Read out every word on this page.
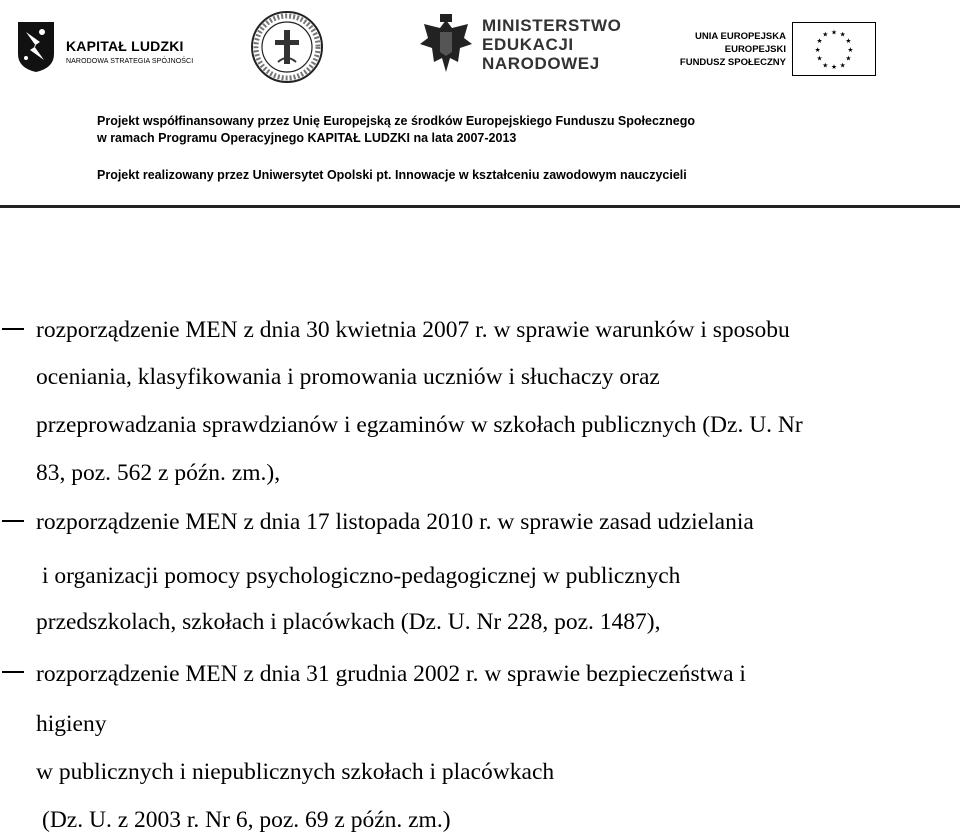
KAPITAŁ LUDZKI
NARODOWA STRATEGIA SPÓJNOŚCI
MINISTERSTWO
EDUKACJI
NARODOWEJ
UNIA EUROPEJSKA
EUROPEJSKI
FUNDUSZ SPOŁECZNY
★ ★
★
★
★
★
★
★
★
★
★
★
Projekt współfinansowany przez Unię Europejską ze środków Europejskiego Funduszu Społecznego
w ramach Programu Operacyjnego KAPITAŁ LUDZKI na lata 2007-2013
Projekt realizowany przez Uniwersytet Opolski pt. Innowacje w kształceniu zawodowym nauczycieli
rozporządzenie MEN z dnia 30 kwietnia 2007 r. w sprawie warunków i sposobu
oceniania, klasyfikowania i promowania uczniów i słuchaczy oraz
przeprowadzania sprawdzianów i egzaminów w szkołach publicznych (Dz. U. Nr
83, poz. 562 z późn. zm.),
rozporządzenie MEN z dnia 17 listopada 2010 r. w sprawie zasad udzielania
i organizacji pomocy psychologiczno-pedagogicznej w publicznych
przedszkolach, szkołach i placówkach (Dz. U. Nr 228, poz. 1487),
rozporządzenie MEN z dnia 31 grudnia 2002 r. w sprawie bezpieczeństwa i
higieny
w publicznych i niepublicznych szkołach i placówkach
(Dz. U. z 2003 r. Nr 6, poz. 69 z późn. zm.)
